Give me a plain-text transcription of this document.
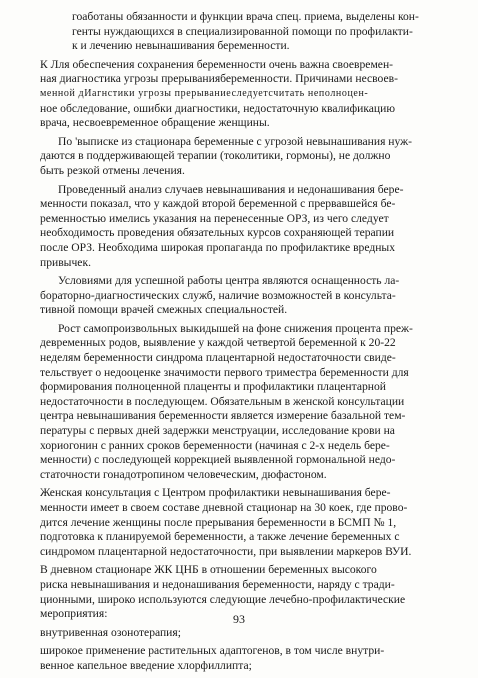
гоабoтaны обязанности и функции врача спец. приема, выделены кон-
генты нуждающихся в специализированной помощи по профилакти-
к и лечению невынашивания беременности.
К Лля обеспечения сохранения беременности очень важна своевремен-
ная диагностика угрозы прерываниябеременности. Причинами несвоев-
менной дИагнcтики угрозы прерываниеследуетсчитать неполноцен-
ное обследование, ошибки диагностики, недостаточную квалификацию
врача, несвоевременное обращение женщины.
По 'выписке из стационара беременные с угрозой невынашивания нуж-
даются в поддерживающей терапии (токолитики, гормоны), не должно
быть резкой отмены лечения.
Проведенный анализ случаев невынашивания и недонашивания бере-
менности показал, что у каждой второй беременной с прервавшейся бе-
ременностью имелись указания на перенесенные ОРЗ, из чего следует
необходимость проведения обязательных курсов сохраняющей терапии
после ОРЗ. Необходима широкая пропаганда по профилактике вредных
привычек.
Условиями для успешной работы центра являются оснащенность ла-
бораторно-диагностических служб, наличие возможностей в консульта-
тивной помощи врачей смежных специальностей.
Рост самопроизвольных выкидышей на фоне снижения процента преж-
девременных родов, выявление у каждой четвертой беременной к 20-22
неделям беременности синдрома плацентарной недостаточности свиде-
тельствует о недооценке значимости первого триместра беременности для
формирования полноценной плаценты и профилактики плацентарной
недостаточности в последующем. Обязательным в женской консультации
центра невынашивания беременности является измерение базальной тем-
пературы с первых дней задержки менструации, исследование крови на
хориогонин с ранних сроков беременности (начиная с 2-х недель бере-
менности) с последующей коррекцией выявленной гормональной недо-
статочности гонадотропином человеческим, дюфастоном.
Женская консультация с Центром профилактики невынашивания бере-
менности имеет в своем составе дневной стационар на 30 коек, где прово-
дится лечение женщины после прерывания беременности в БСМП № 1,
подготовка к планируемой беременности, а также лечение беременных с
синдромом плацентарной недостаточности, при выявлении маркеров ВУИ.
В дневном стационаре ЖК ЦНБ в отношении беременных высокого
риска невынашивания и недонашивания беременности, наряду с тради-
ционными, широко используются следующие лечебно-профилактические
мероприятия:
внутривенная озонотерапия;
широкое применение растительных адаптогенов, в том числе внутри-
венное капельное введение хлорфиллипта;
93
